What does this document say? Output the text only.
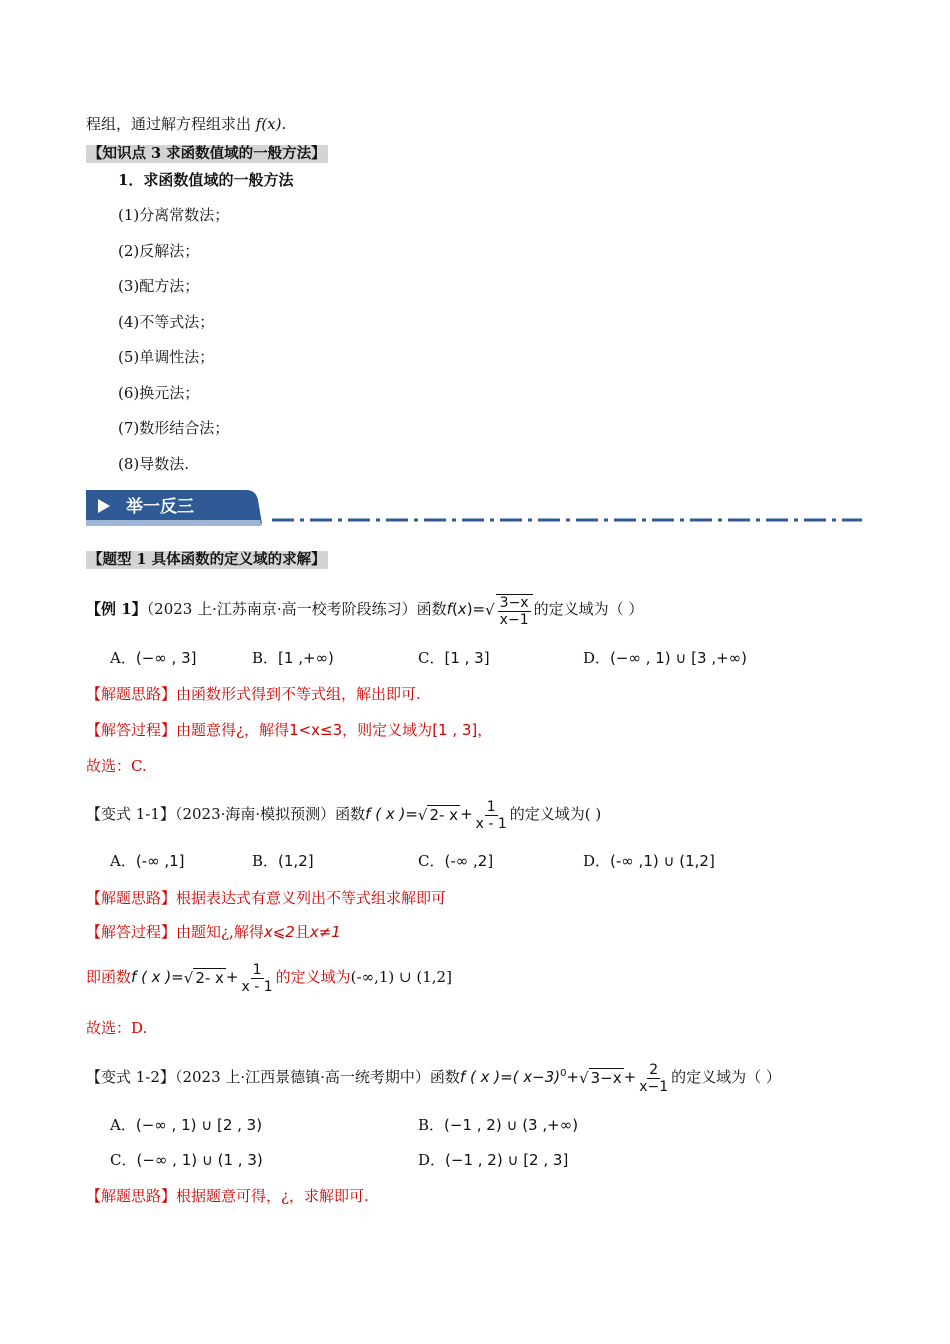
程组，通过解方程组求出 f(x).
【知识点 3 求函数值域的一般方法】
1．求函数值域的一般方法
(1)分离常数法；
(2)反解法；
(3)配方法；
(4)不等式法；
(5)单调性法；
(6)换元法；
(7)数形结合法；
(8)导数法.
举一反三
【题型 1 具体函数的定义域的求解】
【例 1】（2023 上·江苏南京·高一校考阶段练习）函数$f(x)=√ \frac{3-x}{x-1}$ 的定义域为（ ）
A．(−∞ , 3]	B．[1 ,+∞)	C．[1 , 3]	D．(−∞ , 1) ∪ [3 ,+∞)
【解题思路】由函数形式得到不等式组，解出即可.
【解答过程】由题意得¿，解得1<x≤3，则定义域为[1 , 3]，
故选：C.
【变式 1-1】（2023·海南·模拟预测）函数f ( x )=√ 2- $x + \frac{1}{x - 1}$ 的定义域为( )
A．(-∞ ,1]	B．(1,2]	C．(-∞ ,2]	D．(-∞ ,1) ∪ (1,2]
【解题思路】根据表达式有意义列出不等式组求解即可
【解答过程】由题知¿,解得x⩽2且x≠1
即函数f ( x )=√ 2- $x + \frac{1}{x - 1}$ 的定义域为(-∞,1) ∪ (1,2]
故选：D.
【变式 1-2】（2023 上·江西景德镇·高一统考期中）函数f ( x )=( x−3)$^0$+√ $3-x + \frac{2}{x-1}$ 的定义域为（ ）
A．(−∞ , 1) ∪ [2 , 3)	B．(−1 , 2) ∪ (3 ,+∞)
C．(−∞ , 1) ∪ (1 , 3)	D．(−1 , 2) ∪ [2 , 3]
【解题思路】根据题意可得，¿，求解即可.
